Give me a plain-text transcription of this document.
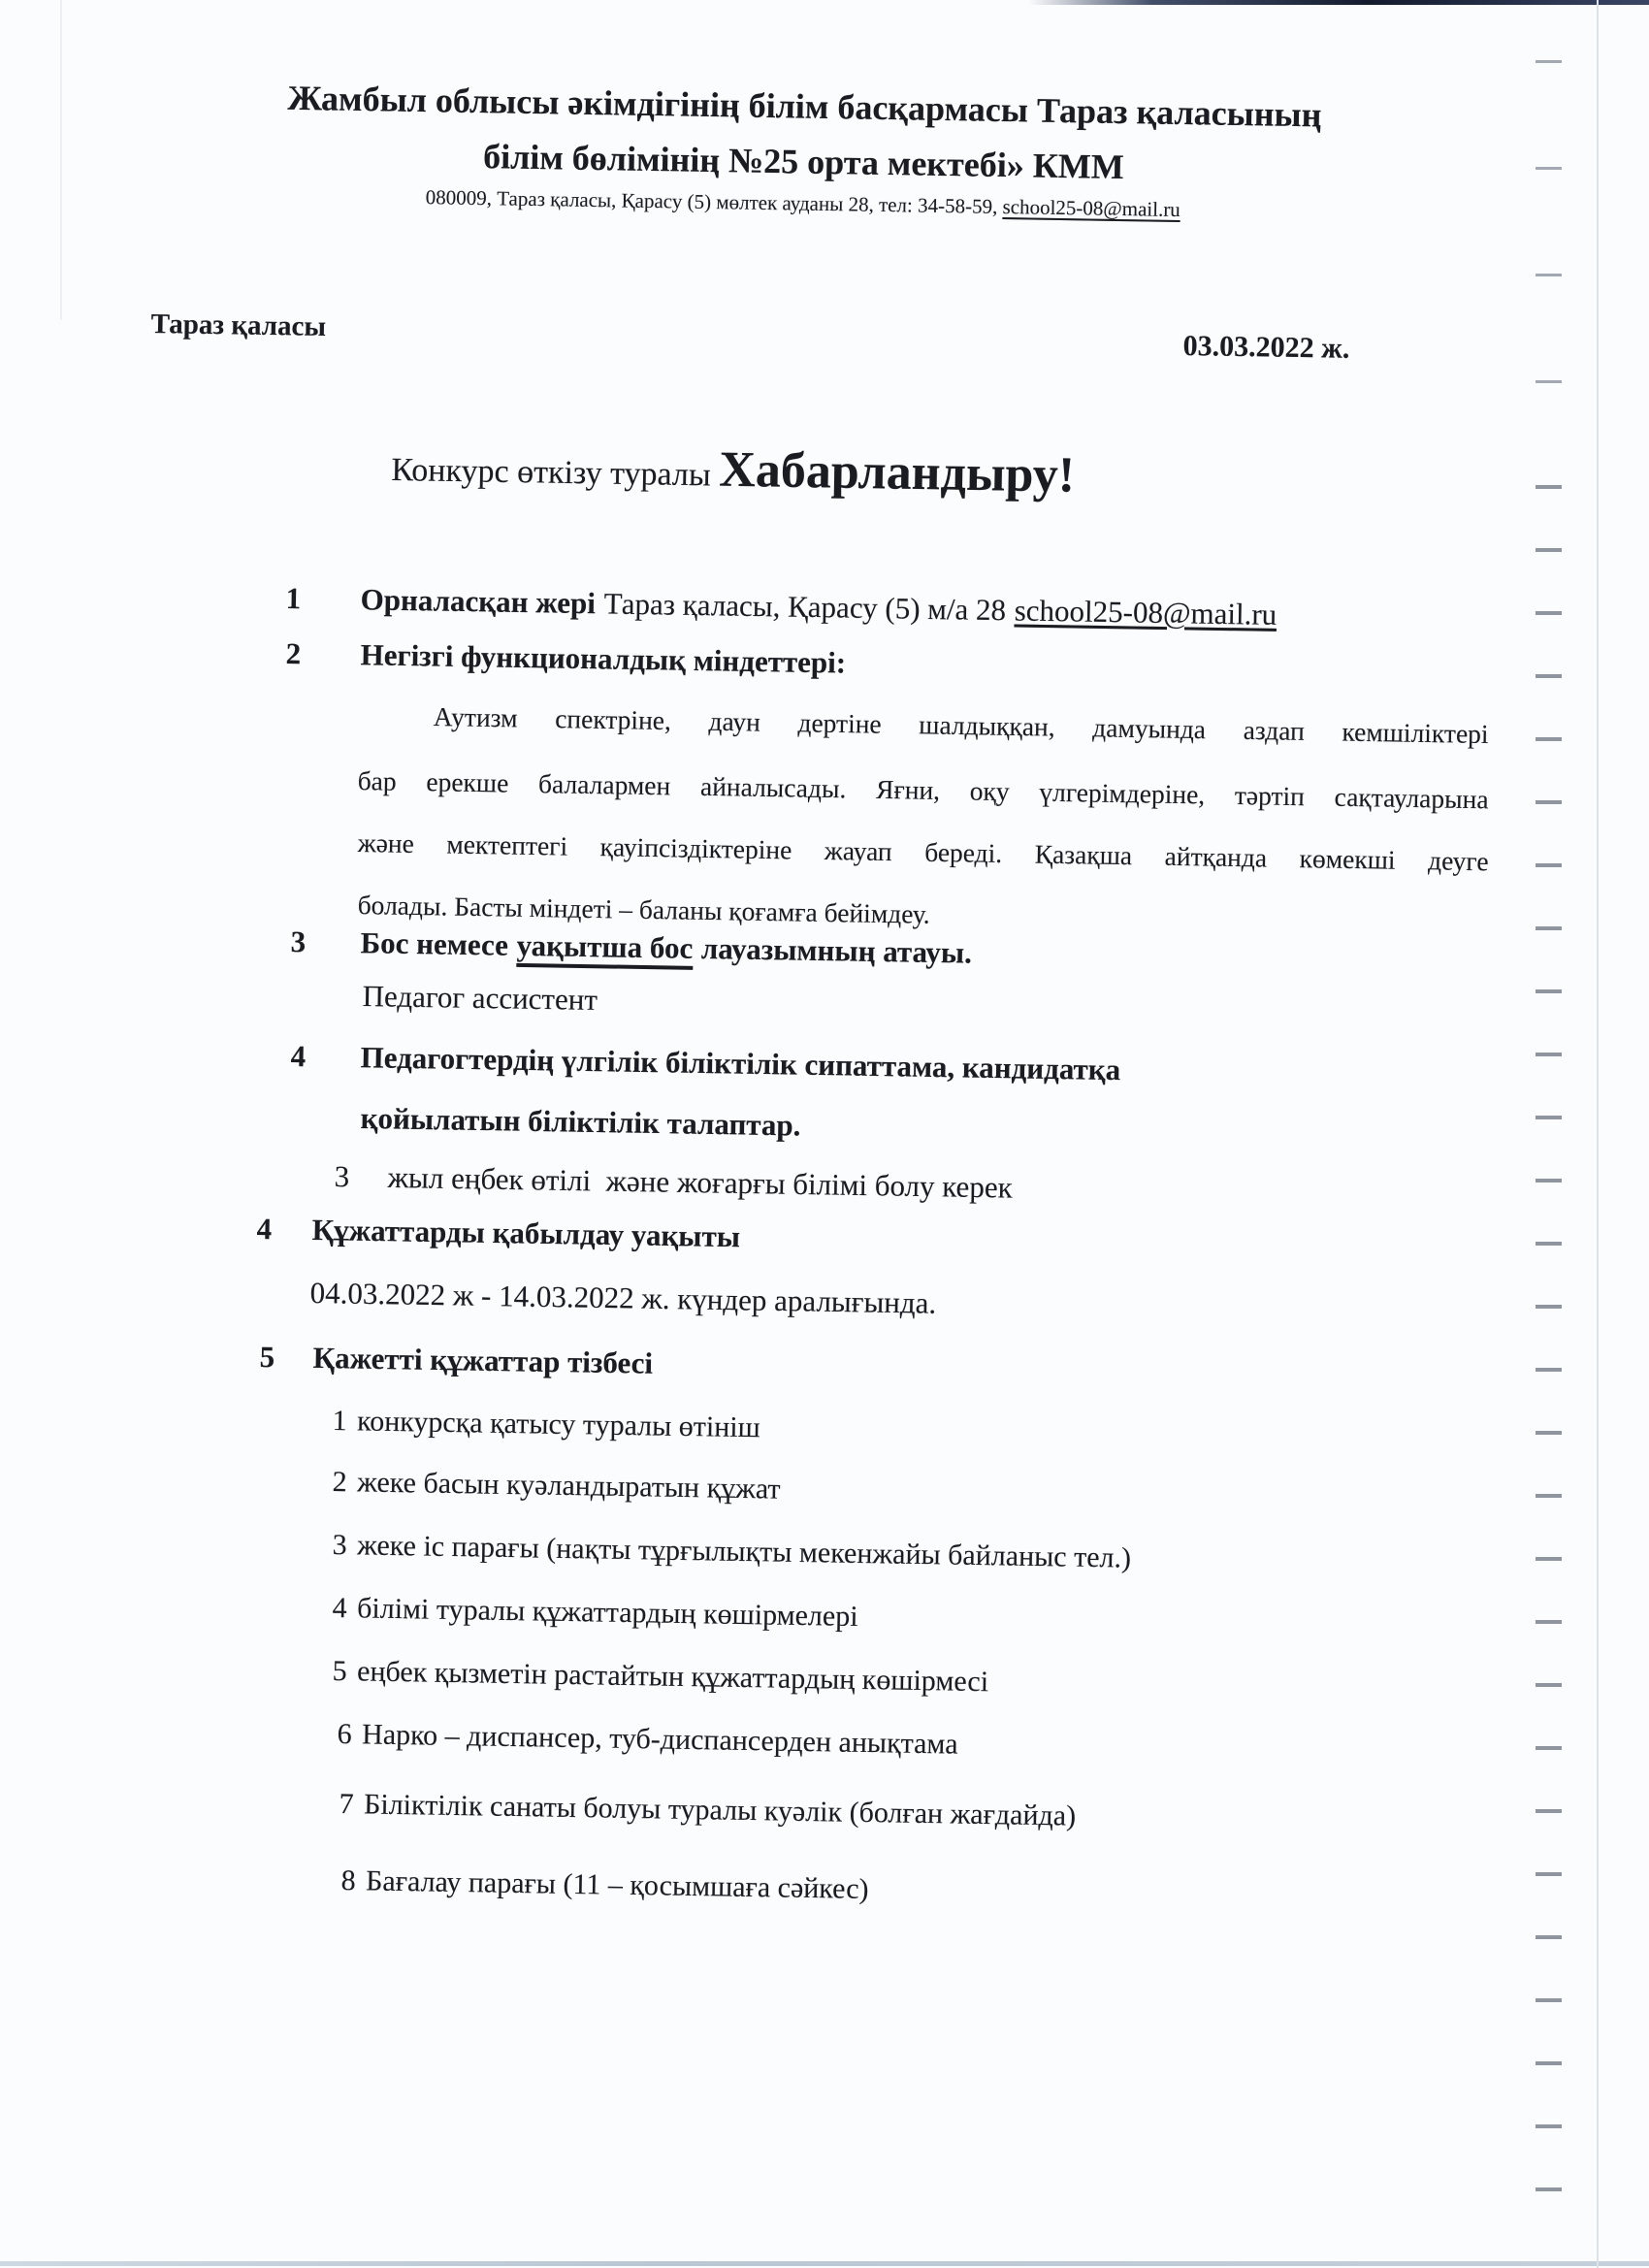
Жамбыл облысы әкімдігінің білім басқармасы Тараз қаласының
білім бөлімінің №25 орта мектебі» КММ
080009, Тараз қаласы, Қарасу (5) мөлтек ауданы 28, тел: 34-58-59, school25-08@mail.ru
Тараз қаласы
03.03.2022 ж.
Конкурс өткізу туралы Хабарландыру!
1 Орналасқан жері Тараз қаласы, Қарасу (5) м/а 28 school25-08@mail.ru
2 Негізгі функционалдық міндеттері:
Аутизм спектріне, даун дертіне шалдыққан, дамуында аздап кемшіліктері
бар ерекше балалармен айналысады. Яғни, оқу үлгерімдеріне, тәртіп сақтауларына
және мектептегі қауіпсіздіктеріне жауап береді. Қазақша айтқанда көмекші деуге
болады. Басты міндеті – баланы қоғамға бейімдеу.
3 Бос немесе уақытша бос лауазымның атауы.
Педагог ассистент
4 Педагогтердің үлгілік біліктілік сипаттама, кандидатқа
қойылатын біліктілік талаптар.
3 жыл еңбек өтілі  және жоғарғы білімі болу керек
4 Құжаттарды қабылдау уақыты
04.03.2022 ж - 14.03.2022 ж. күндер аралығында.
5 Қажетті құжаттар тізбесі
1 конкурсқа қатысу туралы өтініш
2 жеке басын куәландыратын құжат
3 жеке іс парағы (нақты тұрғылықты мекенжайы байланыс тел.)
4 білімі туралы құжаттардың көшірмелері
5 еңбек қызметін растайтын құжаттардың көшірмесі
6 Нарко – диспансер, туб-диспансерден анықтама
7 Біліктілік санаты болуы туралы куәлік (болған жағдайда)
8 Бағалау парағы (11 – қосымшаға сәйкес)
